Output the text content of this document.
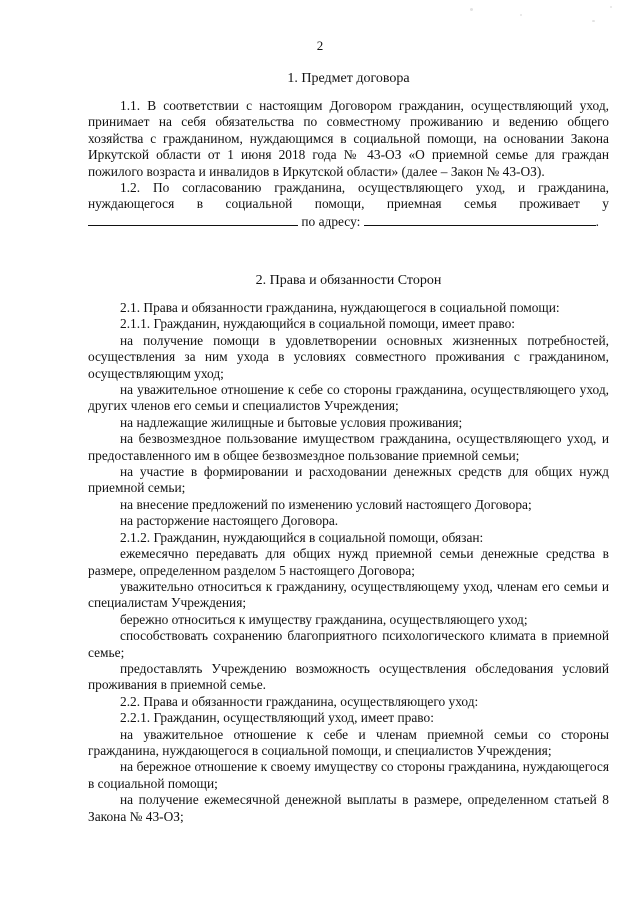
2
1. Предмет договора

1.1. В соответствии с настоящим Договором гражданин, осуществляющий уход, принимает на себя обязательства по совместному проживанию и ведению общего хозяйства с гражданином, нуждающимся в социальной помощи, на основании Закона Иркутской области от 1 июня 2018 года № 43-ОЗ «О приемной семье для граждан пожилого возраста и инвалидов в Иркутской области» (далее – Закон № 43-ОЗ).

1.2. По согласованию гражданина, осуществляющего уход, и гражданина, нуждающегося в социальной помощи, приемная семья проживает у  по адресу:	.

2. Права и обязанности Сторон

2.1. Права и обязанности гражданина, нуждающегося в социальной помощи:

2.1.1. Гражданин, нуждающийся в социальной помощи, имеет право:

на получение помощи в удовлетворении основных жизненных потребностей, осуществления за ним ухода в условиях совместного проживания с гражданином, осуществляющим уход;

на уважительное отношение к себе со стороны гражданина, осуществляющего уход, других членов его семьи и специалистов Учреждения;

на надлежащие жилищные и бытовые условия проживания;

на безвозмездное пользование имуществом гражданина, осуществляющего уход, и предоставленного им в общее безвозмездное пользование приемной семьи;

на участие в формировании и расходовании денежных средств для общих нужд приемной семьи;

на внесение предложений по изменению условий настоящего Договора;

на расторжение настоящего Договора.

2.1.2. Гражданин, нуждающийся в социальной помощи, обязан:

ежемесячно передавать для общих нужд приемной семьи денежные средства в размере, определенном разделом 5 настоящего Договора;

уважительно относиться к гражданину, осуществляющему уход, членам его семьи и специалистам Учреждения;

бережно относиться к имуществу гражданина, осуществляющего уход;

способствовать сохранению благоприятного психологического климата в приемной семье;

предоставлять Учреждению возможность осуществления обследования условий проживания в приемной семье.

2.2. Права и обязанности гражданина, осуществляющего уход:

2.2.1. Гражданин, осуществляющий уход, имеет право:

на уважительное отношение к себе и членам приемной семьи со стороны гражданина, нуждающегося в социальной помощи, и специалистов Учреждения;

на бережное отношение к своему имуществу со стороны гражданина, нуждающегося в социальной помощи;

на получение ежемесячной денежной выплаты в размере, определенном статьей 8 Закона № 43-ОЗ;
